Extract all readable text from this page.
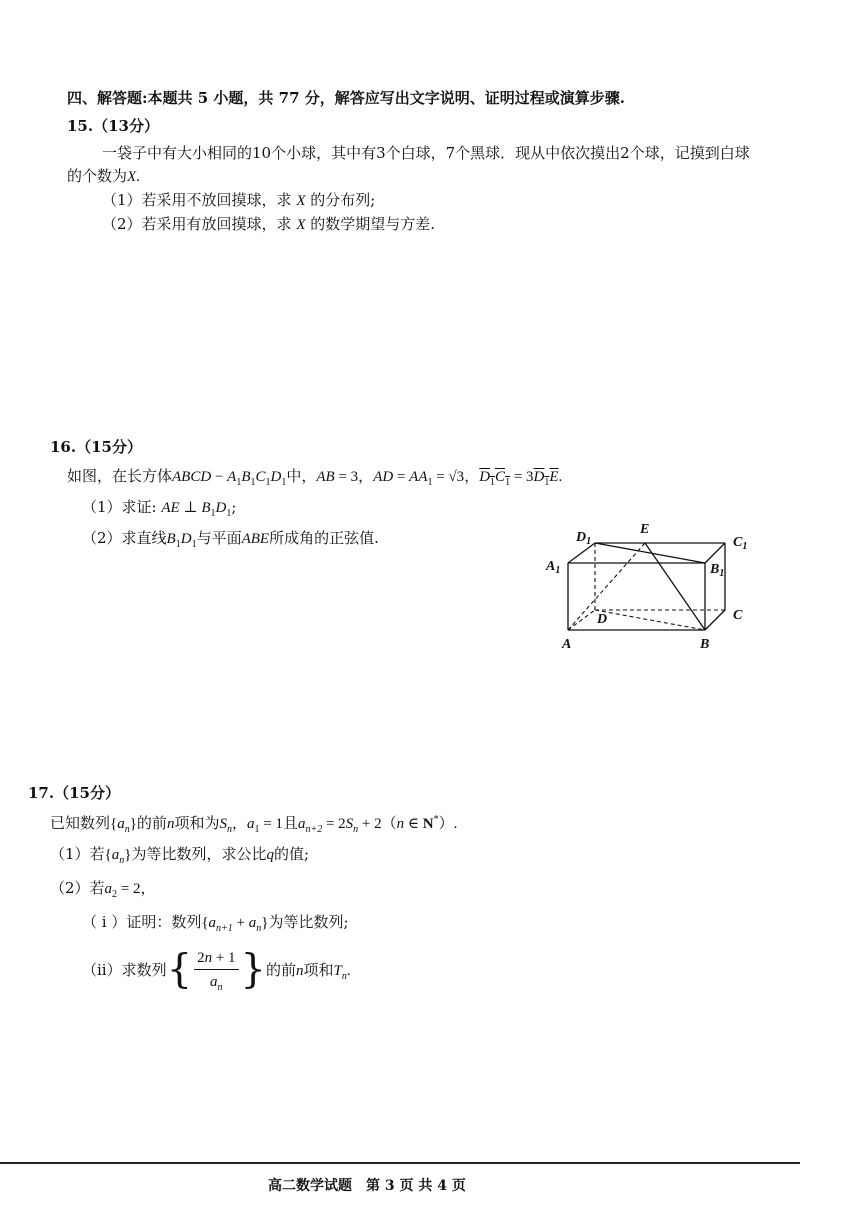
四、解答题:本题共 5 小题，共 77 分，解答应写出文字说明、证明过程或演算步骤.
15.（13分）
一袋子中有大小相同的10个小球，其中有3个白球，7个黑球．现从中依次摸出2个球，记摸到白球
的个数为X.
（1）若采用不放回摸球，求 X 的分布列;
（2）若采用有放回摸球，求 X 的数学期望与方差.
16.（15分）
如图，在长方体ABCD − $A_1B_1C_1D_1$中，AB = 3，AD = $AA_1 = √3$，$D_1C_1 = 3D_1E$.
（1）求证: AE ⊥ $B_1D_1$;
（2）求直线$B_1D_1$与平面ABE所成角的正弦值.	$D_1$
E
$C_1$
$A_1$	$B_1$
D	C
A	B
17.（15分）
已知数列$\{a_n\}$的前n项和为$S_n$，$a_1 = 1$且$a_{n+2} = 2S_n + 2(n$ ∈ N*）.
（1）若$\{a_n\}$为等比数列，求公比q的值;
（2）若$a_2 = 2$，
（ i ）证明：数列$\{a_{n+1} + a_n\}$为等比数列;
（ii）求数列{ $\frac{2n + 1}{a_n}$ }的前n项和$T_n$.
高二数学试题　第 3 页 共 4 页
